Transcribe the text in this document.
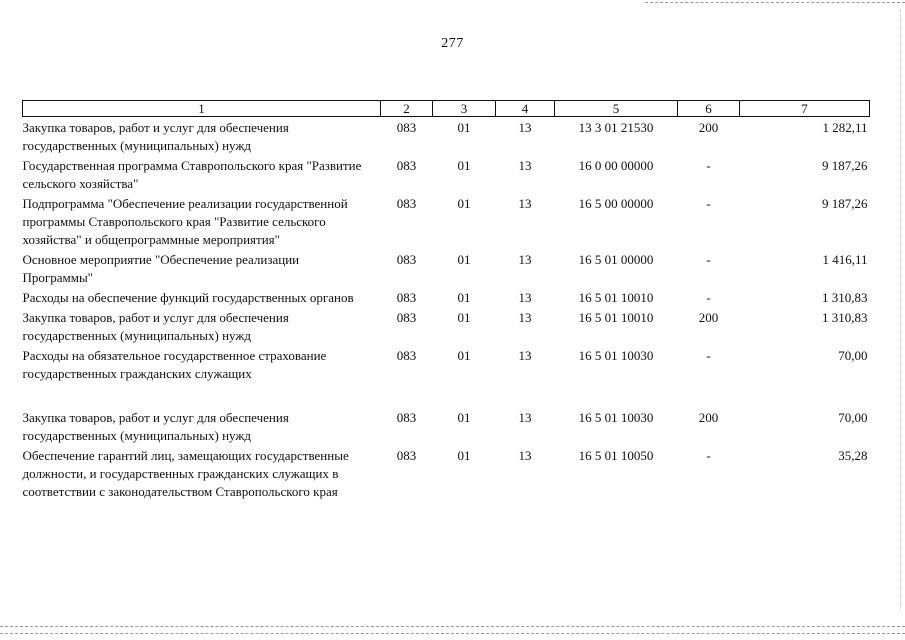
277
1	2	3	4	5	6	7
Закупка товаров, работ и услуг для обеспечения государственных (муниципальных) нужд	083	01	13	13 3 01 21530	200	1 282,11
Государственная программа Ставропольского края "Развитие сельского хозяйства"	083	01	13	16 0 00 00000	-	9 187,26
Подпрограмма "Обеспечение реализации государственной программы Ставропольского края "Развитие сельского хозяйства" и общепрограммные мероприятия"	083	01	13	16 5 00 00000	-	9 187,26
Основное мероприятие "Обеспечение реализации Программы"	083	01	13	16 5 01 00000	-	1 416,11
Расходы на обеспечение функций государственных органов	083	01	13	16 5 01 10010	-	1 310,83
Закупка товаров, работ и услуг для обеспечения государственных (муниципальных) нужд	083	01	13	16 5 01 10010	200	1 310,83
Расходы на обязательное государственное страхование государственных гражданских служащих	083	01	13	16 5 01 10030	-	70,00

Закупка товаров, работ и услуг для обеспечения государственных (муниципальных) нужд	083	01	13	16 5 01 10030	200	70,00
Обеспечение гарантий лиц, замещающих государственные должности, и государственных гражданских служащих в соответствии с законодательством Ставропольского края	083	01	13	16 5 01 10050	-	35,28
